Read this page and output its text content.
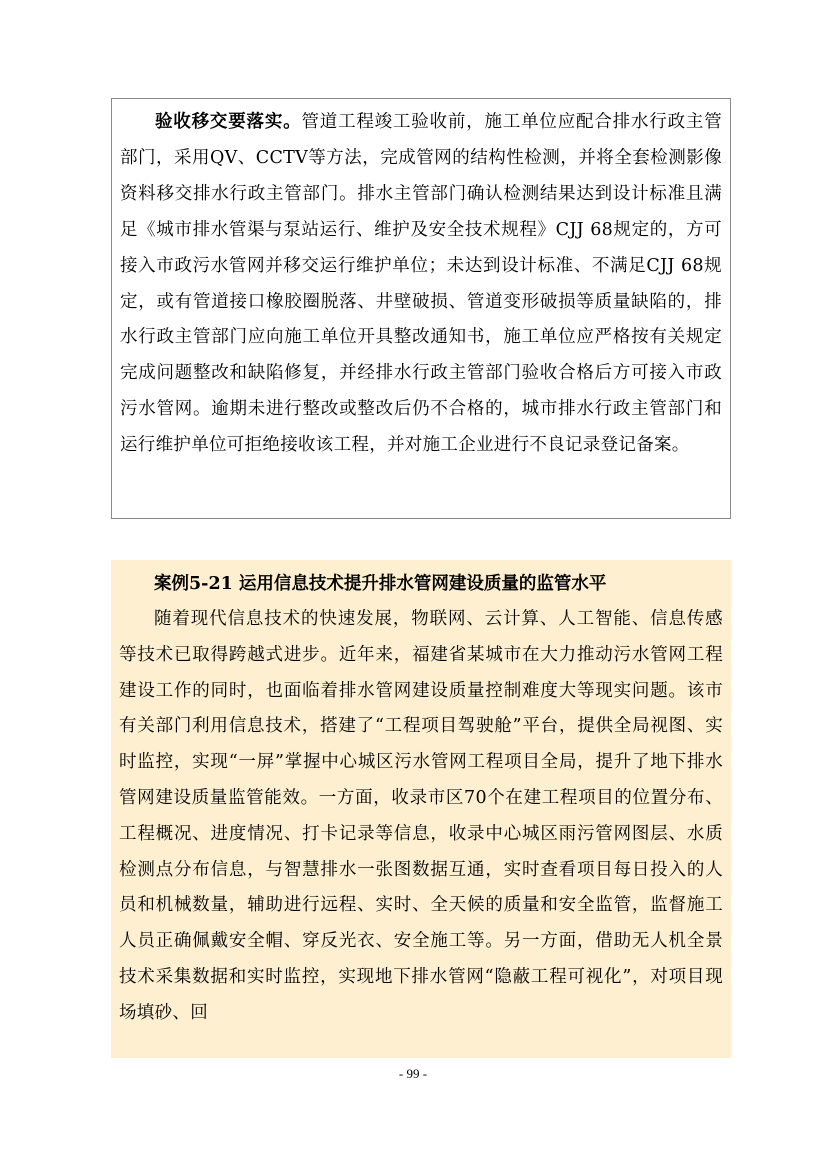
验收移交要落实。管道工程竣工验收前，施工单位应配合排水行政主管部门，采用QV、CCTV等方法，完成管网的结构性检测，并将全套检测影像资料移交排水行政主管部门。排水主管部门确认检测结果达到设计标准且满足《城市排水管渠与泵站运行、维护及安全技术规程》CJJ 68规定的，方可接入市政污水管网并移交运行维护单位；未达到设计标准、不满足CJJ 68规定，或有管道接口橡胶圈脱落、井壁破损、管道变形破损等质量缺陷的，排水行政主管部门应向施工单位开具整改通知书，施工单位应严格按有关规定完成问题整改和缺陷修复，并经排水行政主管部门验收合格后方可接入市政污水管网。逾期未进行整改或整改后仍不合格的，城市排水行政主管部门和运行维护单位可拒绝接收该工程，并对施工企业进行不良记录登记备案。

案例5-21 运用信息技术提升排水管网建设质量的监管水平

随着现代信息技术的快速发展，物联网、云计算、人工智能、信息传感等技术已取得跨越式进步。近年来，福建省某城市在大力推动污水管网工程建设工作的同时，也面临着排水管网建设质量控制难度大等现实问题。该市有关部门利用信息技术，搭建了“工程项目驾驶舱”平台，提供全局视图、实时监控，实现“一屏”掌握中心城区污水管网工程项目全局，提升了地下排水管网建设质量监管能效。一方面，收录市区70个在建工程项目的位置分布、工程概况、进度情况、打卡记录等信息，收录中心城区雨污管网图层、水质检测点分布信息，与智慧排水一张图数据互通，实时查看项目每日投入的人员和机械数量，辅助进行远程、实时、全天候的质量和安全监管，监督施工人员正确佩戴安全帽、穿反光衣、安全施工等。另一方面，借助无人机全景技术采集数据和实时监控，实现地下排水管网“隐蔽工程可视化”，对项目现场填砂、回

- 99 -
